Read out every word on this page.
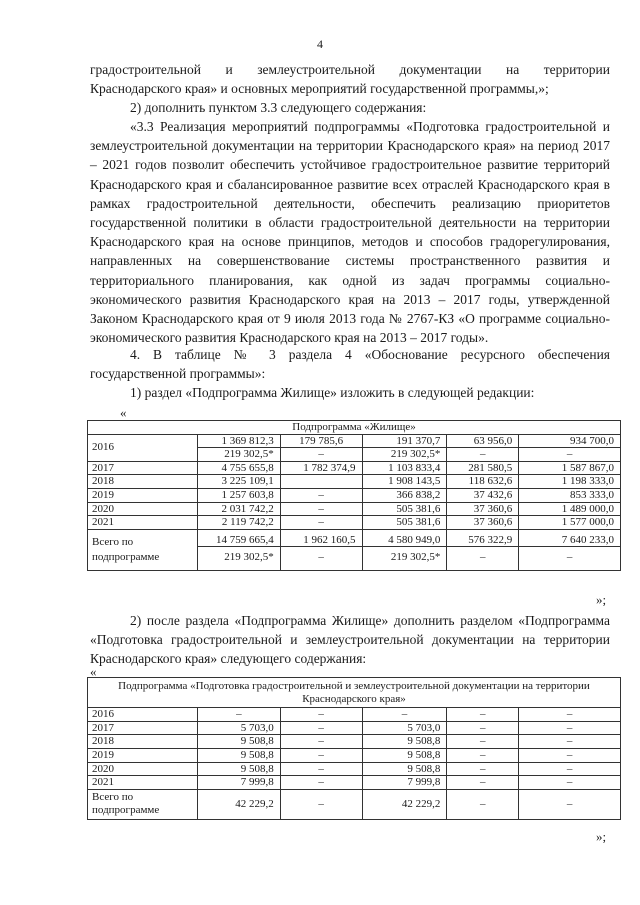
4
градостроительной и землеустроительной документации на территории
Краснодарского края» и основных мероприятий государственной программы,»;
2) дополнить пунктом 3.3 следующего содержания:
«3.3 Реализация мероприятий подпрограммы «Подготовка градостроительной и землеустроительной документации на территории Краснодарского края» на период 2017 – 2021 годов позволит обеспечить устойчивое градостроительное развитие территорий Краснодарского края и сбалансированное развитие всех отраслей Краснодарского края в рамках градостроительной деятельности, обеспечить реализацию приоритетов государственной политики в области градостроительной деятельности на территории Краснодарского края на основе принципов, методов и способов градорегулирования, направленных на совершенствование системы пространственного развития и территориального планирования, как одной из задач программы социально-экономического развития Краснодарского края на 2013 – 2017 годы, утвержденной Законом Краснодарского края от 9 июля 2013 года № 2767-КЗ «О программе социально-экономического развития Краснодарского края на 2013 – 2017 годы».
4. В таблице № 3 раздела 4 «Обоснование ресурсного обеспечения государственной программы»:
1) раздел «Подпрограмма Жилище» изложить в следующей редакции:
«
Подпрограмма «Жилище»					
2016	1 369 812,3	179 785,6	191 370,7	63 956,0	934 700,0
	219 302,5*	–	219 302,5*	–	–
2017	4 755 655,8	1 782 374,9	1 103 833,4	281 580,5	1 587 867,0
2018	3 225 109,1		1 908 143,5	118 632,6	1 198 333,0
2019	1 257 603,8	–	366 838,2	37 432,6	853 333,0
2020	2 031 742,2	–	505 381,6	37 360,6	1 489 000,0
2021	2 119 742,2	–	505 381,6	37 360,6	1 577 000,0
Всего по подпрограмме	14 759 665,4	1 962 160,5	4 580 949,0	576 322,9	7 640 233,0
	219 302,5*	–	219 302,5*	–	–
»;
2) после раздела «Подпрограмма Жилище» дополнить разделом «Подпрограмма «Подготовка градостроительной и землеустроительной документации на территории Краснодарского края» следующего содержания:
«
Подпрограмма «Подготовка градостроительной и землеустроительной документации на территории Краснодарского края»					
2016	–	–	–	–	–
2017	5 703,0	–	5 703,0	–	–
2018	9 508,8	–	9 508,8	–	–
2019	9 508,8	–	9 508,8	–	–
2020	9 508,8	–	9 508,8	–	–
2021	7 999,8	–	7 999,8	–	–
Всего по подпрограмме	42 229,2	–	42 229,2	–	–
»;
